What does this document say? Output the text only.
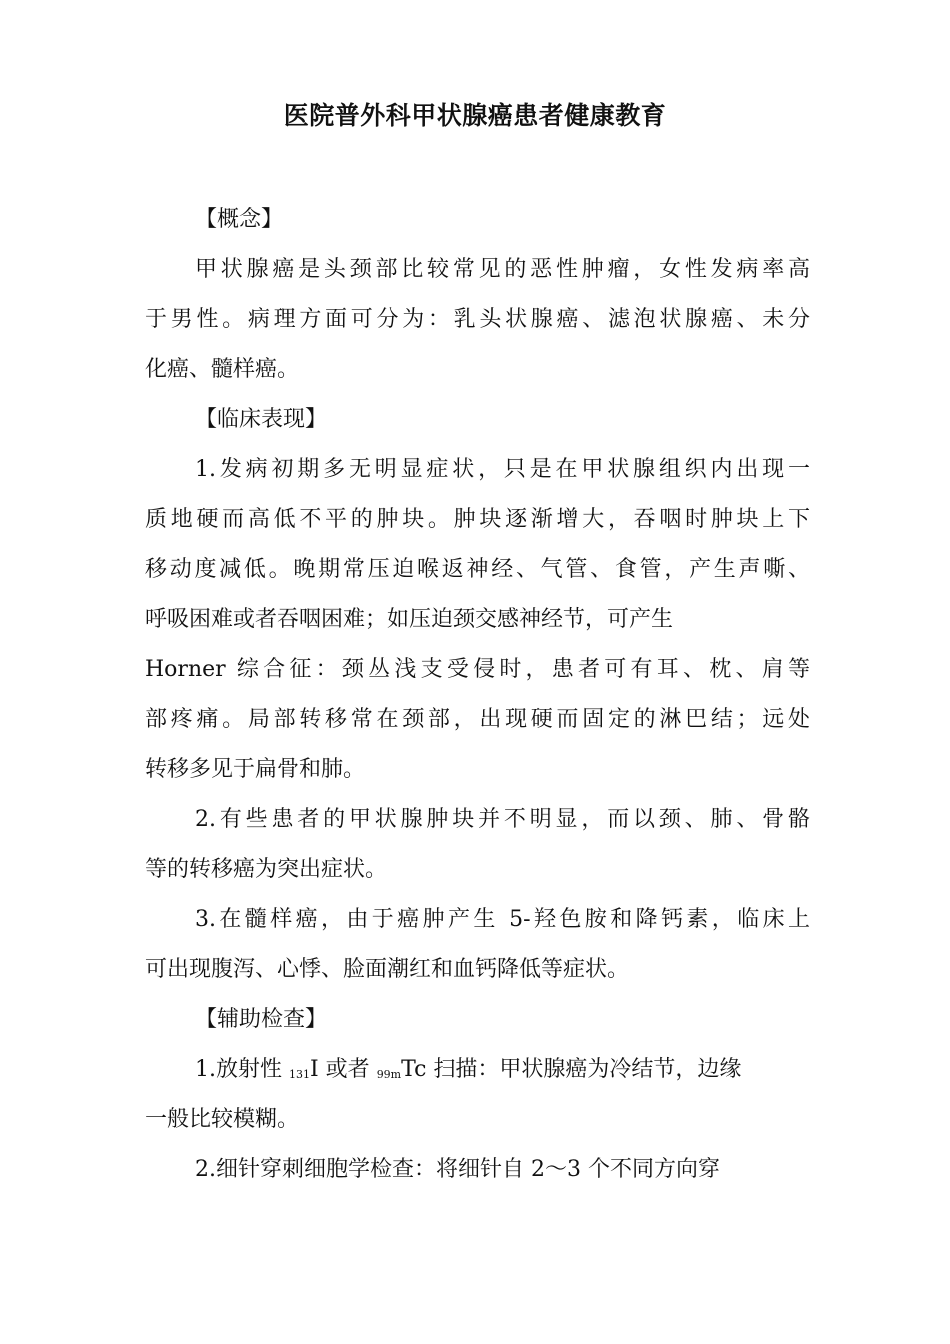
医院普外科甲状腺癌患者健康教育
【概念】
甲状腺癌是头颈部比较常见的恶性肿瘤，女性发病率高
于男性。病理方面可分为：乳头状腺癌、滤泡状腺癌、未分
化癌、髓样癌。
【临床表现】
1.发病初期多无明显症状，只是在甲状腺组织内出现一
质地硬而高低不平的肿块。肿块逐渐增大，吞咽时肿块上下
移动度减低。晚期常压迫喉返神经、气管、食管，产生声嘶、
呼吸困难或者吞咽困难；如压迫颈交感神经节，可产生
Horner 综合征：颈丛浅支受侵时，患者可有耳、枕、肩等
部疼痛。局部转移常在颈部，出现硬而固定的淋巴结；远处
转移多见于扁骨和肺。
2.有些患者的甲状腺肿块并不明显，而以颈、肺、骨骼
等的转移癌为突出症状。
3.在髓样癌，由于癌肿产生 5-羟色胺和降钙素，临床上
可出现腹泻、心悸、脸面潮红和血钙降低等症状。
【辅助检查】
1.放射性 $_{131}$I 或者 $_{99m}$Tc 扫描：甲状腺癌为冷结节，边缘
一般比较模糊。
2.细针穿刺细胞学检查：将细针自 2～3 个不同方向穿
